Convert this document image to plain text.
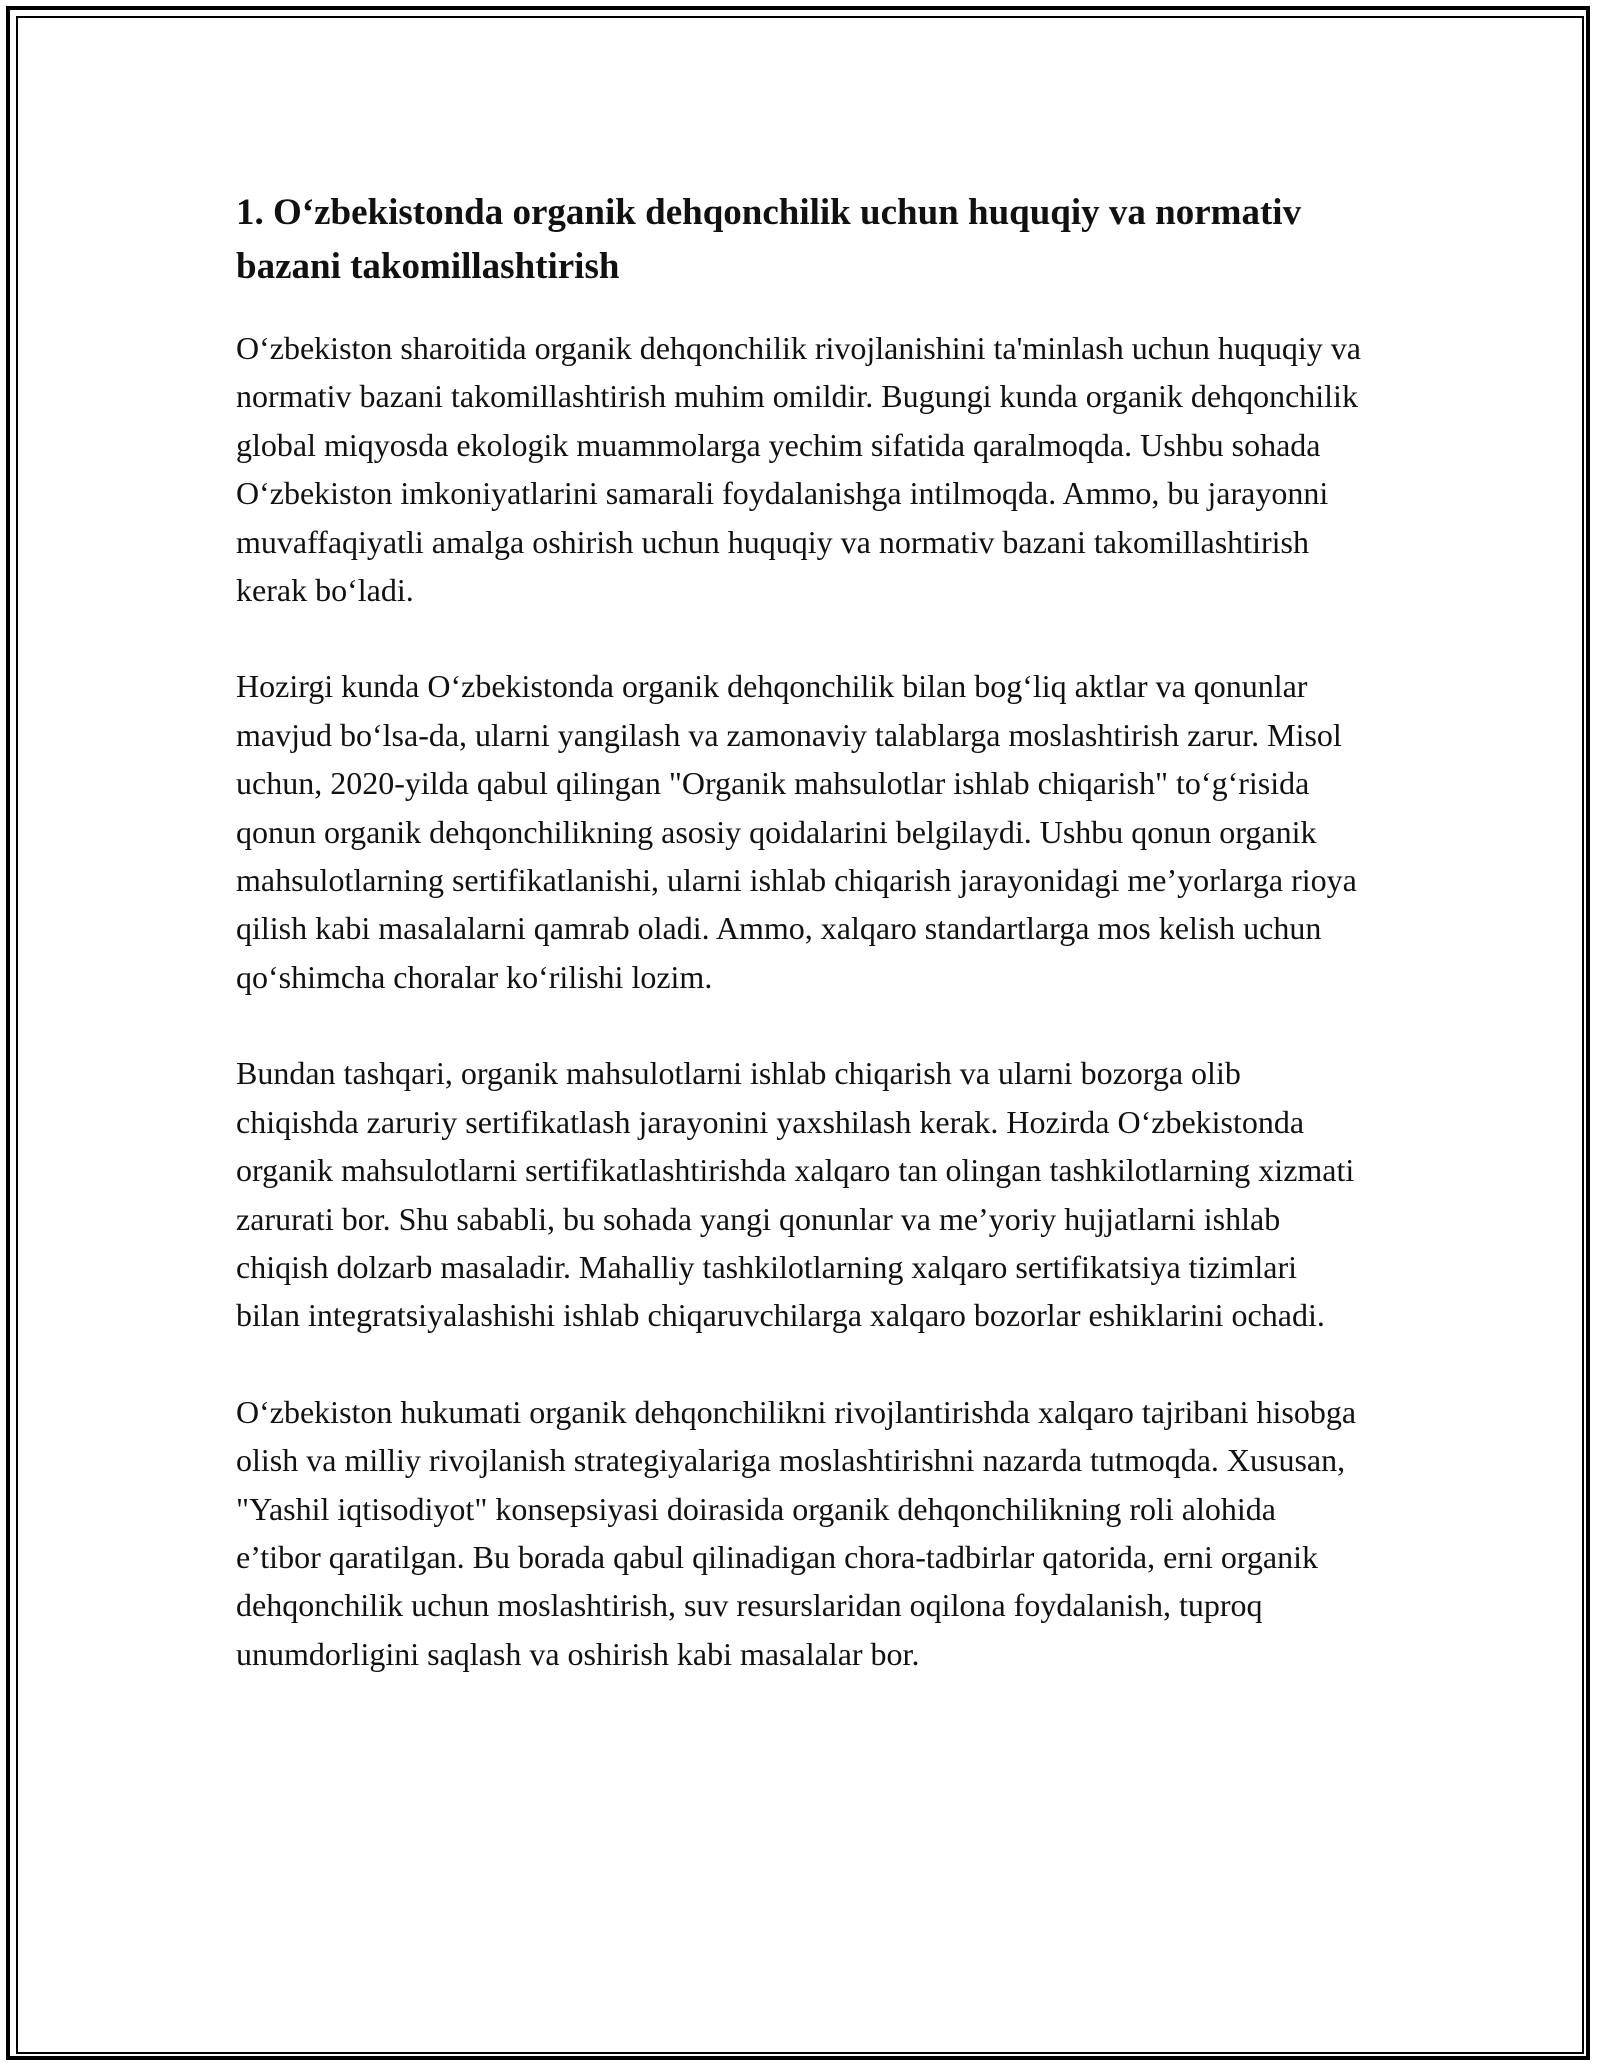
1. O‘zbekistonda organik dehqonchilik uchun huquqiy va normativ bazani takomillashtirish

O‘zbekiston sharoitida organik dehqonchilik rivojlanishini ta'minlash uchun huquqiy va normativ bazani takomillashtirish muhim omildir. Bugungi kunda organik dehqonchilik global miqyosda ekologik muammolarga yechim sifatida qaralmoqda. Ushbu sohada O‘zbekiston imkoniyatlarini samarali foydalanishga intilmoqda. Ammo, bu jarayonni muvaffaqiyatli amalga oshirish uchun huquqiy va normativ bazani takomillashtirish kerak bo‘ladi.

Hozirgi kunda O‘zbekistonda organik dehqonchilik bilan bog‘liq aktlar va qonunlar mavjud bo‘lsa-da, ularni yangilash va zamonaviy talablarga moslashtirish zarur. Misol uchun, 2020-yilda qabul qilingan "Organik mahsulotlar ishlab chiqarish" to‘g‘risida qonun organik dehqonchilikning asosiy qoidalarini belgilaydi. Ushbu qonun organik mahsulotlarning sertifikatlanishi, ularni ishlab chiqarish jarayonidagi me’yorlarga rioya qilish kabi masalalarni qamrab oladi. Ammo, xalqaro standartlarga mos kelish uchun qo‘shimcha choralar ko‘rilishi lozim.

Bundan tashqari, organik mahsulotlarni ishlab chiqarish va ularni bozorga olib chiqishda zaruriy sertifikatlash jarayonini yaxshilash kerak. Hozirda O‘zbekistonda organik mahsulotlarni sertifikatlashtirishda xalqaro tan olingan tashkilotlarning xizmati zarurati bor. Shu sababli, bu sohada yangi qonunlar va me’yoriy hujjatlarni ishlab chiqish dolzarb masaladir. Mahalliy tashkilotlarning xalqaro sertifikatsiya tizimlari bilan integratsiyalashishi ishlab chiqaruvchilarga xalqaro bozorlar eshiklarini ochadi.

O‘zbekiston hukumati organik dehqonchilikni rivojlantirishda xalqaro tajribani hisobga olish va milliy rivojlanish strategiyalariga moslashtirishni nazarda tutmoqda. Xususan, "Yashil iqtisodiyot" konsepsiyasi doirasida organik dehqonchilikning roli alohida e’tibor qaratilgan. Bu borada qabul qilinadigan chora-tadbirlar qatorida, erni organik dehqonchilik uchun moslashtirish, suv resurslaridan oqilona foydalanish, tuproq unumdorligini saqlash va oshirish kabi masalalar bor.
